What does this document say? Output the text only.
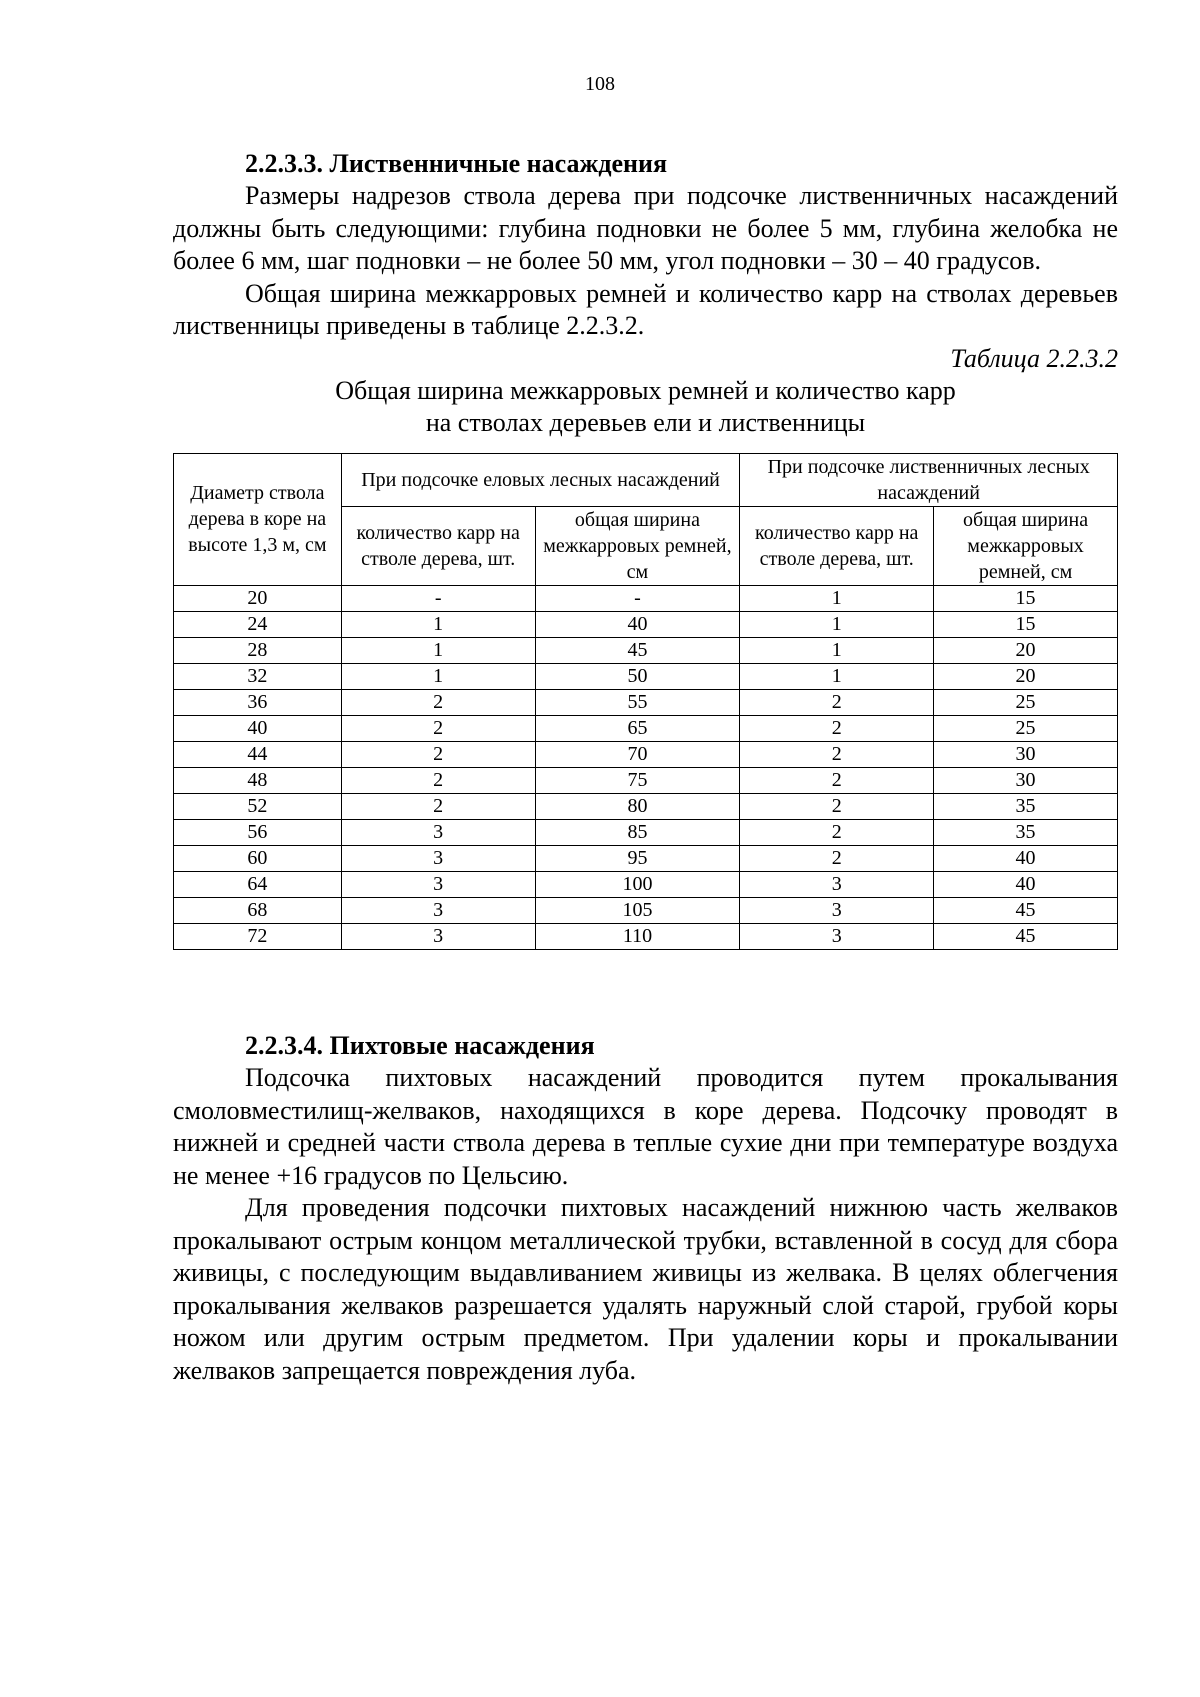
108
2.2.3.3. Лиственничные насаждения

Размеры надрезов ствола дерева при подсочке лиственничных насаждений должны быть следующими: глубина подновки не более 5 мм, глубина желобка не более 6 мм, шаг подновки – не более 50 мм, угол подновки – 30 – 40 градусов.

Общая ширина межкарровых ремней и количество карр на стволах деревьев лиственницы приведены в таблице 2.2.3.2.

Таблица 2.2.3.2

Общая ширина межкарровых ремней и количество карр
на стволах деревьев ели и лиственницы

Диаметр ствола дерева в коре на высоте 1,3 м, см	При подсочке еловых лесных насаждений		При подсочке лиственничных лесных насаждений	
	количество карр на стволе дерева, шт.	общая ширина межкарровых ремней, см	количество карр на стволе дерева, шт.	общая ширина межкарровых ремней, см
20	-	-	1	15
24	1	40	1	15
28	1	45	1	20
32	1	50	1	20
36	2	55	2	25
40	2	65	2	25
44	2	70	2	30
48	2	75	2	30
52	2	80	2	35
56	3	85	2	35
60	3	95	2	40
64	3	100	3	40
68	3	105	3	45
72	3	110	3	45
2.2.3.4. Пихтовые насаждения

Подсочка пихтовых насаждений проводится путем прокалывания смоловместилищ-желваков, находящихся в коре дерева. Подсочку проводят в нижней и средней части ствола дерева в теплые сухие дни при температуре воздуха не менее +16 градусов по Цельсию.

Для проведения подсочки пихтовых насаждений нижнюю часть желваков прокалывают острым концом металлической трубки, вставленной в сосуд для сбора живицы, с последующим выдавливанием живицы из желвака. В целях облегчения прокалывания желваков разрешается удалять наружный слой старой, грубой коры ножом или другим острым предметом. При удалении коры и прокалывании желваков запрещается повреждения луба.
